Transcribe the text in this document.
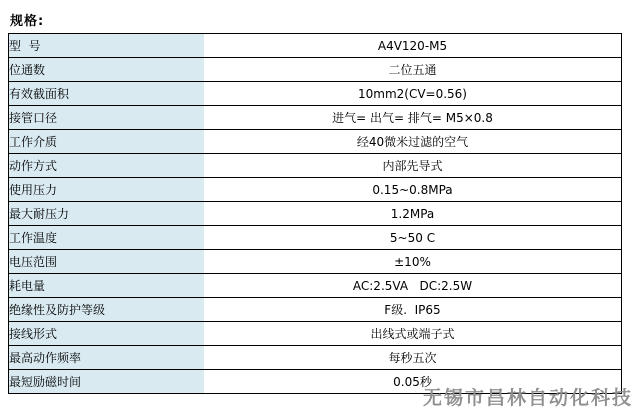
规格:
型  号	A4V120-M5
位通数	二位五通
有效截面积	10mm2(CV=0.56)
接管口径	进气= 出气= 排气= M5×0.8
工作介质	经40微米过滤的空气
动作方式	内部先导式
使用压力	0.15~0.8MPa
最大耐压力	1.2MPa
工作温度	5~50 C
电压范围	±10%
耗电量	AC:2.5VA   DC:2.5W
绝缘性及防护等级	F级.  IP65
接线形式	出线式或端子式
最高动作频率	每秒五次
最短励磁时间	0.05秒
无锡市昌林自动化科技
